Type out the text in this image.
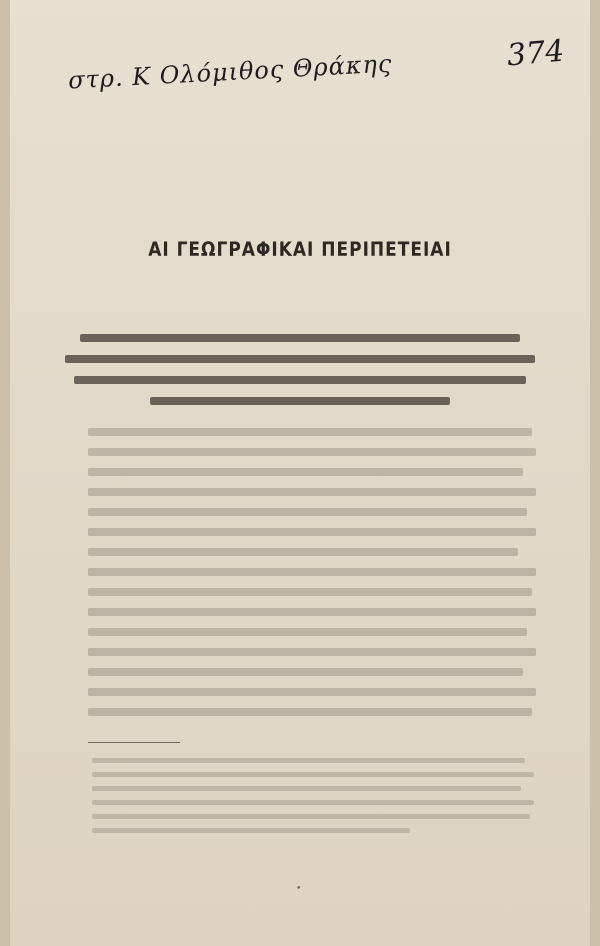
374
στρ. Κ Ολόμιθος Θράκης
ΑΙ ΓΕΩΓΡΑΦΙΚΑΙ ΠΕΡΙΠΕΤΕΙΑΙ
•
